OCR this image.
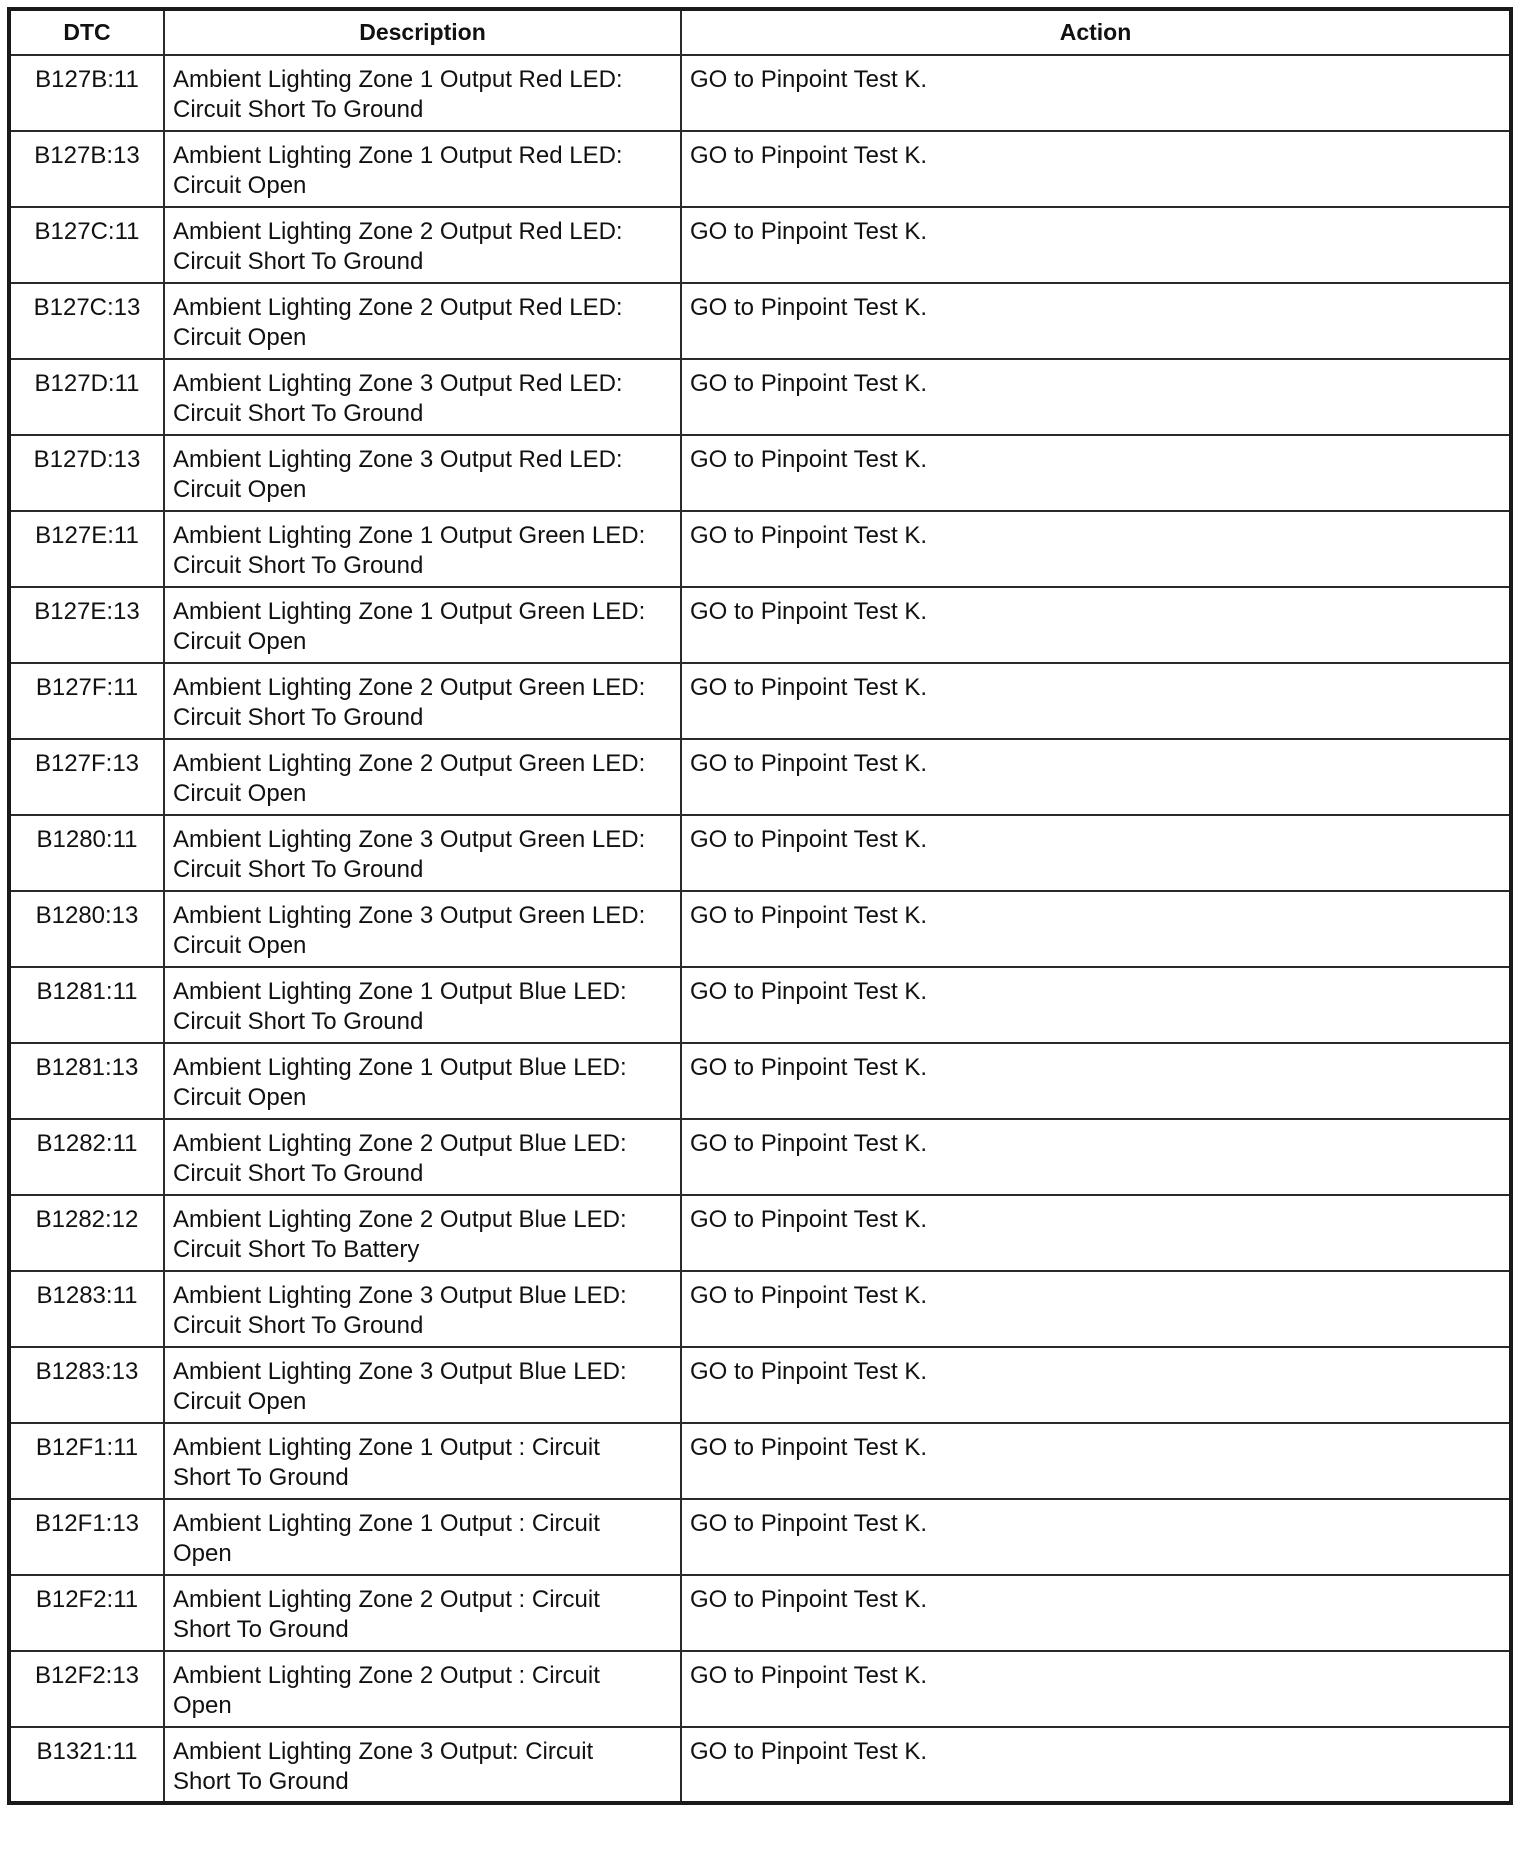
DTC	Description	Action
B127B:11	Ambient Lighting Zone 1 Output Red LED:
Circuit Short To Ground	GO to Pinpoint Test K.
B127B:13	Ambient Lighting Zone 1 Output Red LED:
Circuit Open	GO to Pinpoint Test K.
B127C:11	Ambient Lighting Zone 2 Output Red LED:
Circuit Short To Ground	GO to Pinpoint Test K.
B127C:13	Ambient Lighting Zone 2 Output Red LED:
Circuit Open	GO to Pinpoint Test K.
B127D:11	Ambient Lighting Zone 3 Output Red LED:
Circuit Short To Ground	GO to Pinpoint Test K.
B127D:13	Ambient Lighting Zone 3 Output Red LED:
Circuit Open	GO to Pinpoint Test K.
B127E:11	Ambient Lighting Zone 1 Output Green LED:
Circuit Short To Ground	GO to Pinpoint Test K.
B127E:13	Ambient Lighting Zone 1 Output Green LED:
Circuit Open	GO to Pinpoint Test K.
B127F:11	Ambient Lighting Zone 2 Output Green LED:
Circuit Short To Ground	GO to Pinpoint Test K.
B127F:13	Ambient Lighting Zone 2 Output Green LED:
Circuit Open	GO to Pinpoint Test K.
B1280:11	Ambient Lighting Zone 3 Output Green LED:
Circuit Short To Ground	GO to Pinpoint Test K.
B1280:13	Ambient Lighting Zone 3 Output Green LED:
Circuit Open	GO to Pinpoint Test K.
B1281:11	Ambient Lighting Zone 1 Output Blue LED:
Circuit Short To Ground	GO to Pinpoint Test K.
B1281:13	Ambient Lighting Zone 1 Output Blue LED:
Circuit Open	GO to Pinpoint Test K.
B1282:11	Ambient Lighting Zone 2 Output Blue LED:
Circuit Short To Ground	GO to Pinpoint Test K.
B1282:12	Ambient Lighting Zone 2 Output Blue LED:
Circuit Short To Battery	GO to Pinpoint Test K.
B1283:11	Ambient Lighting Zone 3 Output Blue LED:
Circuit Short To Ground	GO to Pinpoint Test K.
B1283:13	Ambient Lighting Zone 3 Output Blue LED:
Circuit Open	GO to Pinpoint Test K.
B12F1:11	Ambient Lighting Zone 1 Output : Circuit
Short To Ground	GO to Pinpoint Test K.
B12F1:13	Ambient Lighting Zone 1 Output : Circuit
Open	GO to Pinpoint Test K.
B12F2:11	Ambient Lighting Zone 2 Output : Circuit
Short To Ground	GO to Pinpoint Test K.
B12F2:13	Ambient Lighting Zone 2 Output : Circuit
Open	GO to Pinpoint Test K.
B1321:11	Ambient Lighting Zone 3 Output: Circuit
Short To Ground	GO to Pinpoint Test K.
